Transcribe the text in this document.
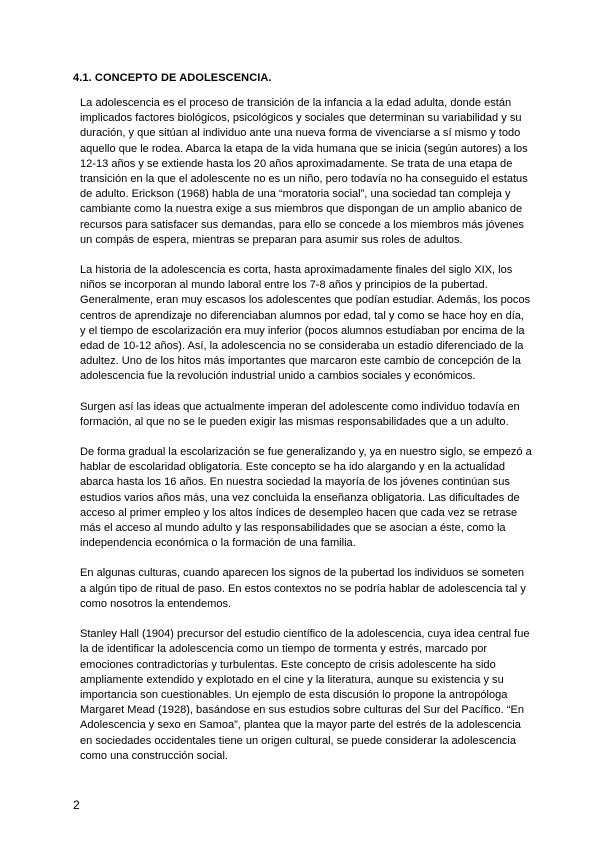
4.1. CONCEPTO DE ADOLESCENCIA.

La adolescencia es el proceso de transición de la infancia a la edad adulta, donde están implicados factores biológicos, psicológicos y sociales que determinan su variabilidad y su duración, y que sitúan al individuo ante una nueva forma de vivenciarse a sí mismo y todo aquello que le rodea. Abarca la etapa de la vida humana que se inicia (según autores) a los 12-13 años y se extiende hasta los 20 años aproximadamente. Se trata de una etapa de transición en la que el adolescente no es un niño, pero todavía no ha conseguido el estatus de adulto. Erickson (1968) habla de una “moratoria social”, una sociedad tan compleja y cambiante como la nuestra exige a sus miembros que dispongan de un amplio abanico de recursos para satisfacer sus demandas, para ello se concede a los miembros más jóvenes un compás de espera, mientras se preparan para asumir sus roles de adultos.

La historia de la adolescencia es corta, hasta aproximadamente finales del siglo XIX, los niños se incorporan al mundo laboral entre los 7-8 años y principios de la pubertad. Generalmente, eran muy escasos los adolescentes que podían estudiar. Además, los pocos centros de aprendizaje no diferenciaban alumnos por edad, tal y como se hace hoy en día, y el tiempo de escolarización era muy inferior (pocos alumnos estudiaban por encima de la edad de 10-12 años). Así, la adolescencia no se consideraba un estadio diferenciado de la adultez. Uno de los hitos más importantes que marcaron este cambio de concepción de la adolescencia fue la revolución industrial unido a cambios sociales y económicos.

Surgen así las ideas que actualmente imperan del adolescente como individuo todavía en formación, al que no se le pueden exigir las mismas responsabilidades que a un adulto.

De forma gradual la escolarización se fue generalizando y, ya en nuestro siglo, se empezó a hablar de escolaridad obligatoria. Este concepto se ha ido alargando y en la actualidad abarca hasta los 16 años. En nuestra sociedad la mayoría de los jóvenes continúan sus estudios varios años más, una vez concluida la enseñanza obligatoria. Las dificultades de acceso al primer empleo y los altos índices de desempleo hacen que cada vez se retrase más el acceso al mundo adulto y las responsabilidades que se asocian a éste, como la independencia económica o la formación de una familia.

En algunas culturas, cuando aparecen los signos de la pubertad los individuos se someten a algún tipo de ritual de paso. En estos contextos no se podría hablar de adolescencia tal y como nosotros la entendemos.

Stanley Hall (1904) precursor del estudio científico de la adolescencia, cuya idea central fue la de identificar la adolescencia como un tiempo de tormenta y estrés, marcado por emociones contradictorias y turbulentas. Este concepto de crisis adolescente ha sido ampliamente extendido y explotado en el cine y la literatura, aunque su existencia y su importancia son cuestionables. Un ejemplo de esta discusión lo propone la antropóloga Margaret Mead (1928), basándose en sus estudios sobre culturas del Sur del Pacífico. “En Adolescencia y sexo en Samoa”, plantea que la mayor parte del estrés de la adolescencia en sociedades occidentales tiene un origen cultural, se puede considerar la adolescencia como una construcción social.

2
